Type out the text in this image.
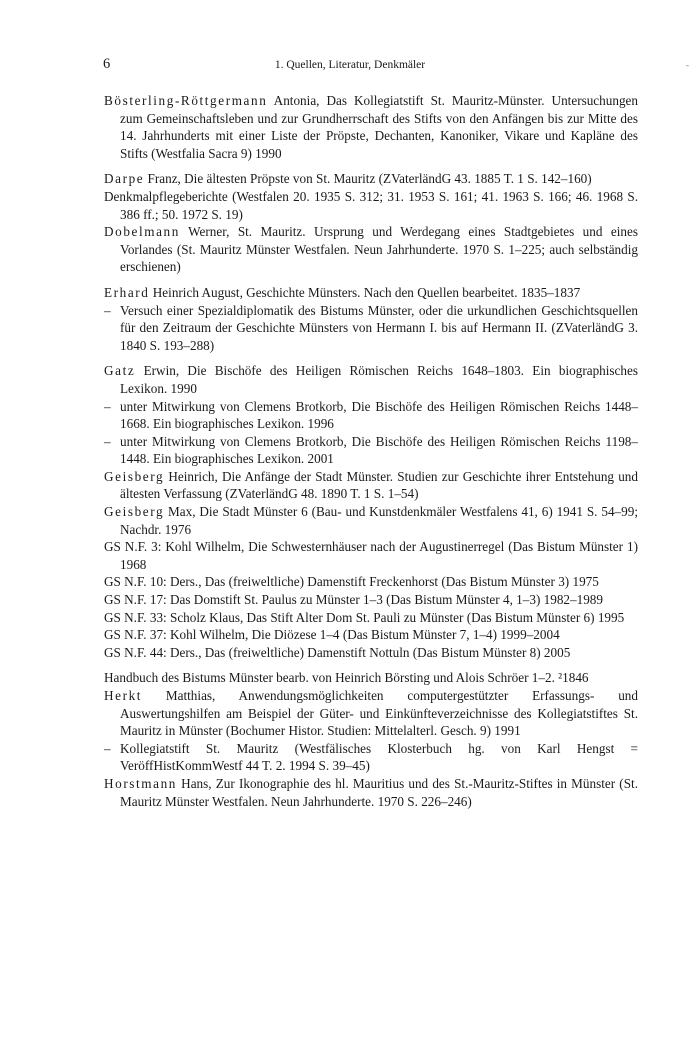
6	1. Quellen, Literatur, Denkmäler	-
Bösterling-Röttgermann Antonia, Das Kollegiatstift St. Mauritz-Münster. Untersuchungen zum Gemeinschaftsleben und zur Grundherrschaft des Stifts von den Anfängen bis zur Mitte des 14. Jahrhunderts mit einer Liste der Pröpste, Dechanten, Kanoniker, Vikare und Kapläne des Stifts (Westfalia Sacra 9) 1990
Darpe Franz, Die ältesten Pröpste von St. Mauritz (ZVaterländG 43. 1885 T. 1 S. 142–160)
Denkmalpflegeberichte (Westfalen 20. 1935 S. 312; 31. 1953 S. 161; 41. 1963 S. 166; 46. 1968 S. 386 ff.; 50. 1972 S. 19)
Dobelmann Werner, St. Mauritz. Ursprung und Werdegang eines Stadtgebietes und eines Vorlandes (St. Mauritz Münster Westfalen. Neun Jahrhunderte. 1970 S. 1–225; auch selbständig erschienen)
Erhard Heinrich August, Geschichte Münsters. Nach den Quellen bearbeitet. 1835–1837
– Versuch einer Spezialdiplomatik des Bistums Münster, oder die urkundlichen Geschichtsquellen für den Zeitraum der Geschichte Münsters von Hermann I. bis auf Hermann II. (ZVaterländG 3. 1840 S. 193–288)
Gatz Erwin, Die Bischöfe des Heiligen Römischen Reichs 1648–1803. Ein biographisches Lexikon. 1990
– unter Mitwirkung von Clemens Brotkorb, Die Bischöfe des Heiligen Römischen Reichs 1448–1668. Ein biographisches Lexikon. 1996
– unter Mitwirkung von Clemens Brotkorb, Die Bischöfe des Heiligen Römischen Reichs 1198–1448. Ein biographisches Lexikon. 2001
Geisberg Heinrich, Die Anfänge der Stadt Münster. Studien zur Geschichte ihrer Entstehung und ältesten Verfassung (ZVaterländG 48. 1890 T. 1 S. 1–54)
Geisberg Max, Die Stadt Münster 6 (Bau- und Kunstdenkmäler Westfalens 41, 6) 1941 S. 54–99; Nachdr. 1976
GS N.F. 3: Kohl Wilhelm, Die Schwesternhäuser nach der Augustinerregel (Das Bistum Münster 1) 1968
GS N.F. 10: Ders., Das (freiweltliche) Damenstift Freckenhorst (Das Bistum Münster 3) 1975
GS N.F. 17: Das Domstift St. Paulus zu Münster 1–3 (Das Bistum Münster 4, 1–3) 1982–1989
GS N.F. 33: Scholz Klaus, Das Stift Alter Dom St. Pauli zu Münster (Das Bistum Münster 6) 1995
GS N.F. 37: Kohl Wilhelm, Die Diözese 1–4 (Das Bistum Münster 7, 1–4) 1999–2004
GS N.F. 44: Ders., Das (freiweltliche) Damenstift Nottuln (Das Bistum Münster 8) 2005
Handbuch des Bistums Münster bearb. von Heinrich Börsting und Alois Schröer 1–2. ²1846
Herkt Matthias, Anwendungsmöglichkeiten computergestützter Erfassungs- und Auswertungshilfen am Beispiel der Güter- und Einkünfteverzeichnisse des Kollegiatstiftes St. Mauritz in Münster (Bochumer Histor. Studien: Mittelalterl. Gesch. 9) 1991
– Kollegiatstift St. Mauritz (Westfälisches Klosterbuch hg. von Karl Hengst = VeröffHistKommWestf 44 T. 2. 1994 S. 39–45)
Horstmann Hans, Zur Ikonographie des hl. Mauritius und des St.-Mauritz-Stiftes in Münster (St. Mauritz Münster Westfalen. Neun Jahrhunderte. 1970 S. 226–246)
